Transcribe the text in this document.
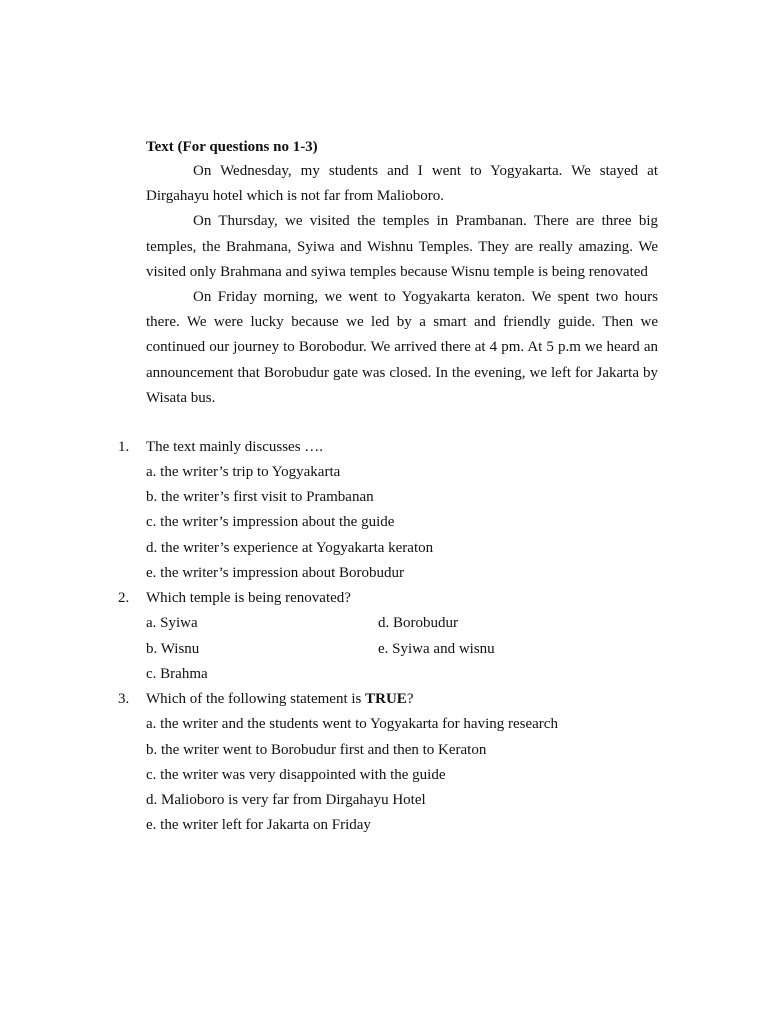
Text (For questions no 1-3)

On Wednesday, my students and I went to Yogyakarta. We stayed at Dirgahayu hotel which is not far from Malioboro.

On Thursday, we visited the temples in Prambanan. There are three big temples, the Brahmana, Syiwa and Wishnu Temples. They are really amazing. We visited only Brahmana and syiwa temples because Wisnu temple is being renovated

On Friday morning, we went to Yogyakarta keraton. We spent two hours there. We were lucky because we led by a smart and friendly guide. Then we continued our journey to Borobodur. We arrived there at 4 pm. At 5 p.m we heard an announcement that Borobudur gate was closed. In the evening, we left for Jakarta by Wisata bus.

1. The text mainly discusses ….
a. the writer’s trip to Yogyakarta
b. the writer’s first visit to Prambanan
c. the writer’s impression about the guide
d. the writer’s experience at Yogyakarta keraton
e. the writer’s impression about Borobudur
2. Which temple is being renovated?
a. Syiwa	d. Borobudur
b. Wisnu	e. Syiwa and wisnu
c. Brahma
3. Which of the following statement is TRUE?
a. the writer and the students went to Yogyakarta for having research
b. the writer went to Borobudur first and then to Keraton
c. the writer was very disappointed with the guide
d. Malioboro is very far from Dirgahayu Hotel
e. the writer left for Jakarta on Friday
